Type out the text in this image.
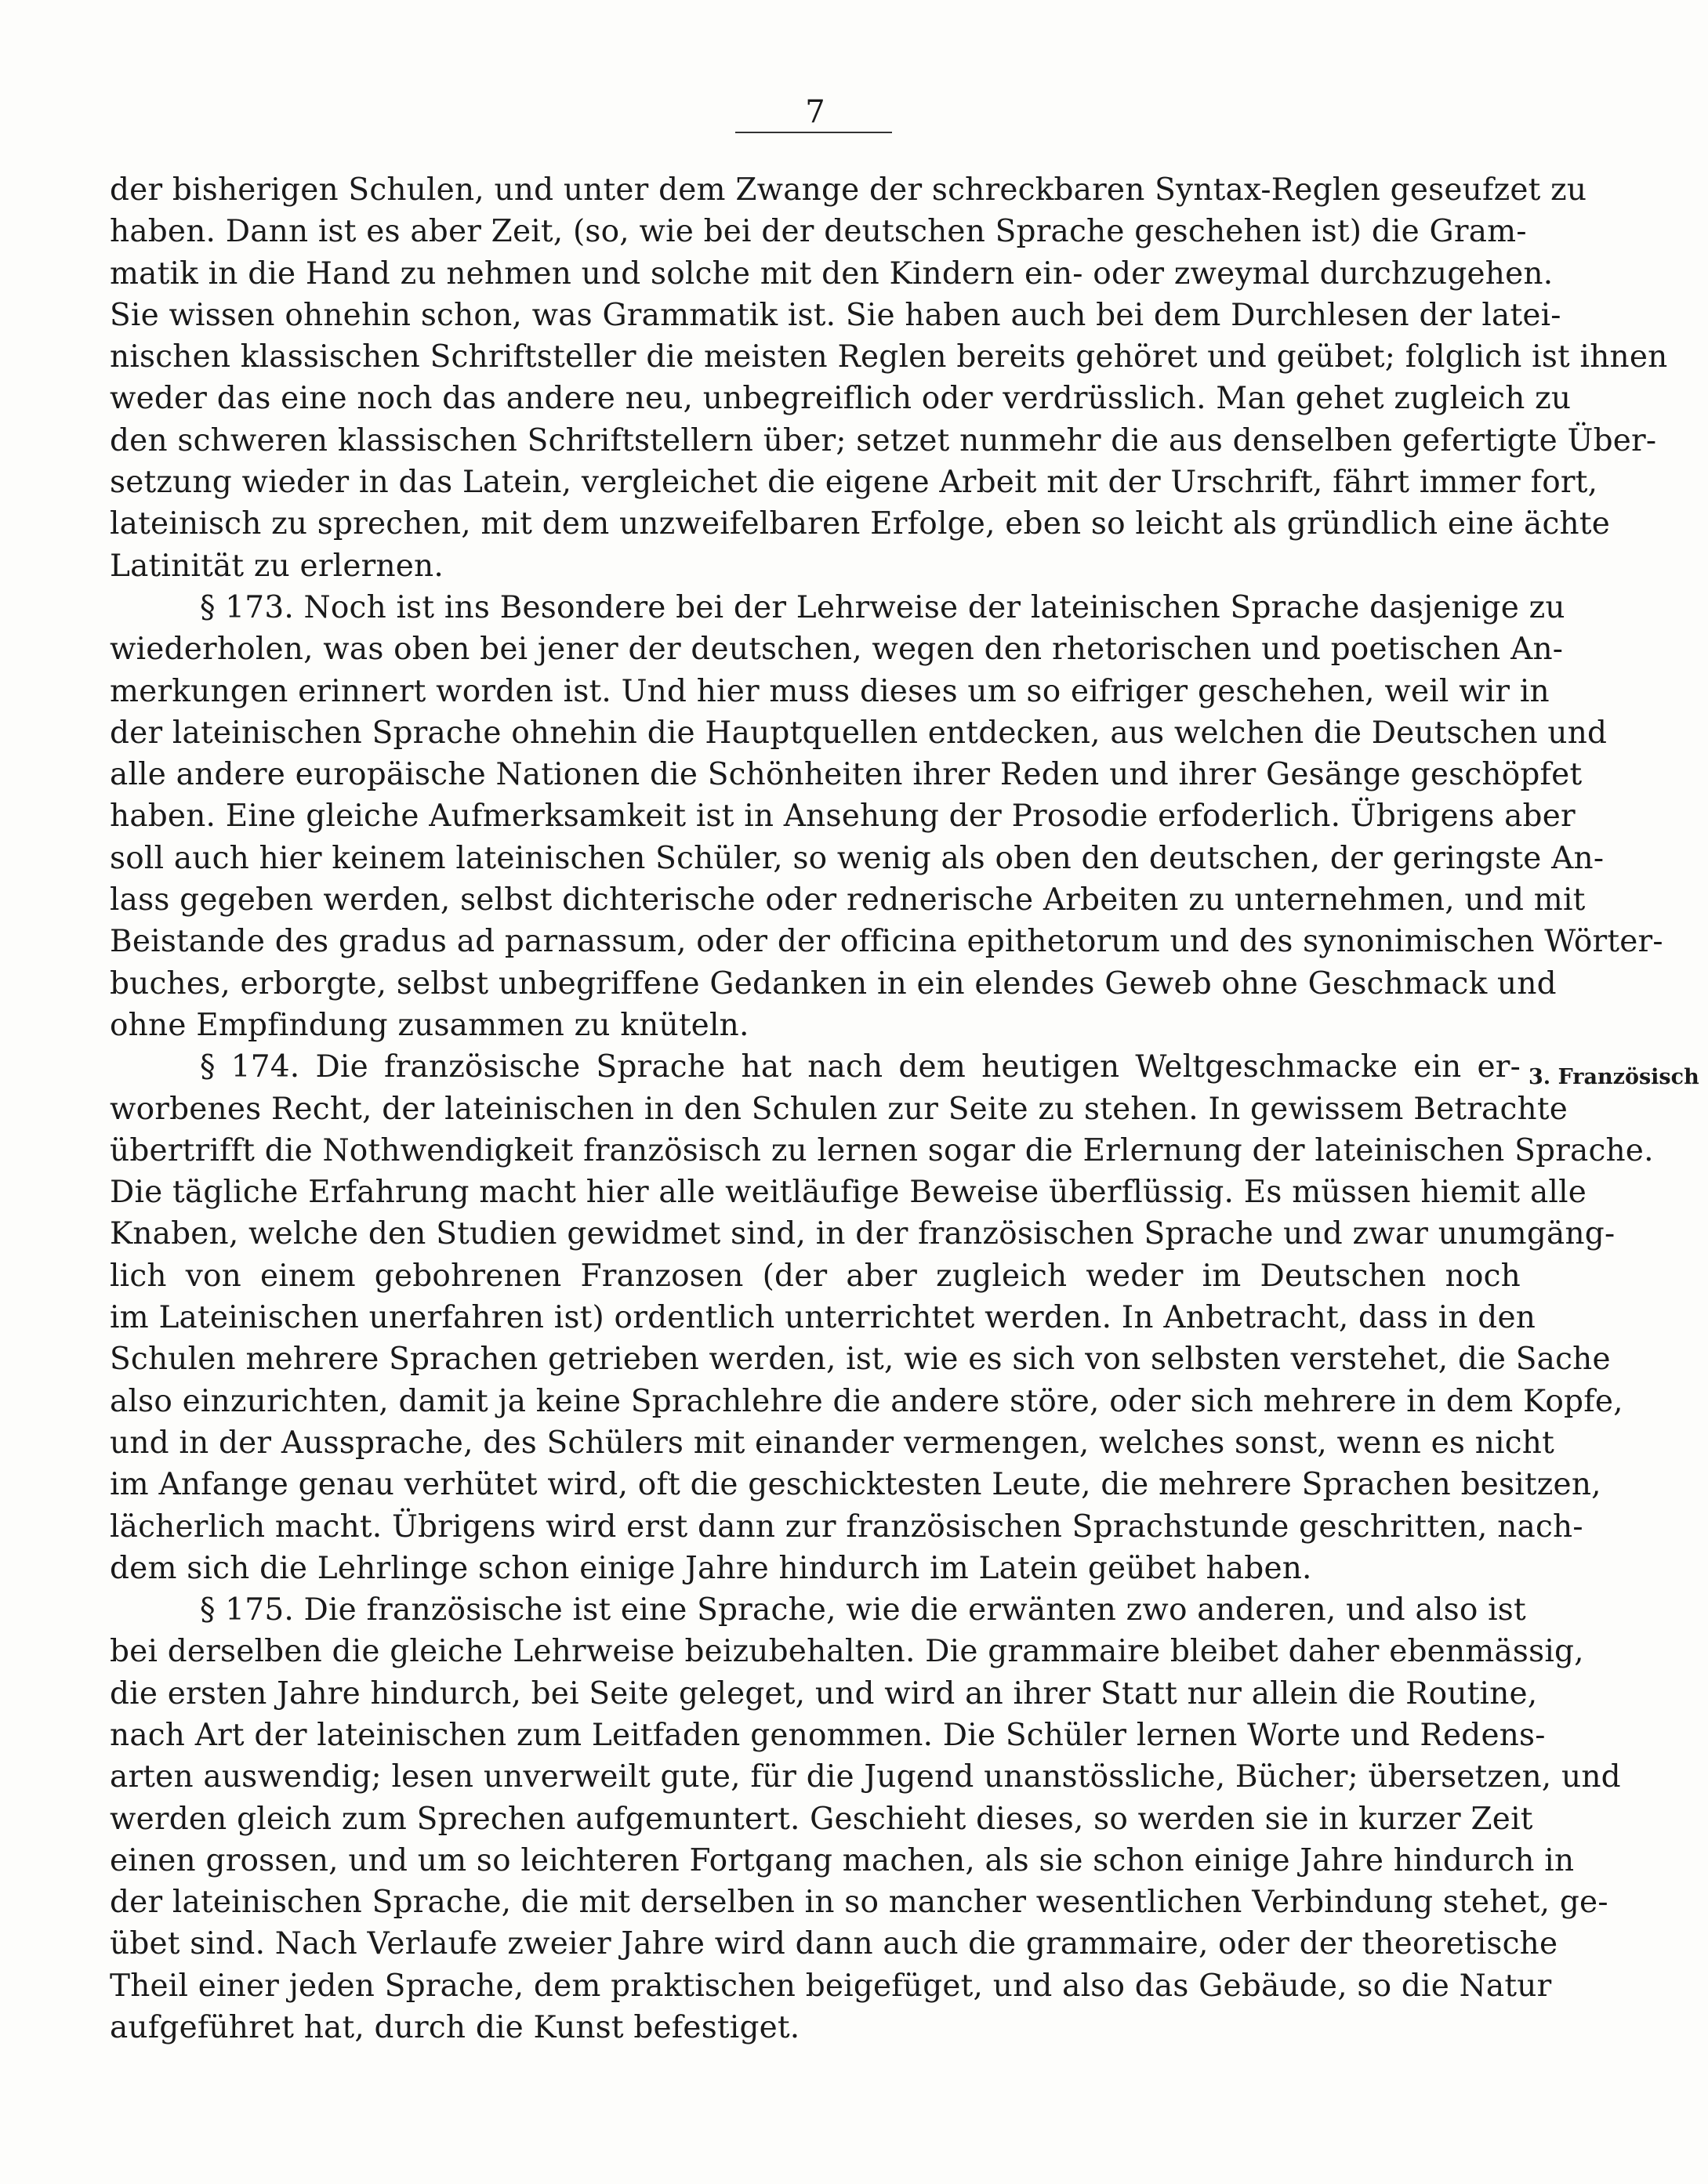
7
der bisherigen Schulen, und unter dem Zwange der schreckbaren Syntax-Reglen geseufzet zu
haben. Dann ist es aber Zeit, (so, wie bei der deutschen Sprache geschehen ist) die Gram-
matik in die Hand zu nehmen und solche mit den Kindern ein- oder zweymal durchzugehen.
Sie wissen ohnehin schon, was Grammatik ist. Sie haben auch bei dem Durchlesen der latei-
nischen klassischen Schriftsteller die meisten Reglen bereits gehöret und geübet; folglich ist ihnen
weder das eine noch das andere neu, unbegreiflich oder verdrüsslich. Man gehet zugleich zu
den schweren klassischen Schriftstellern über; setzet nunmehr die aus denselben gefertigte Über-
setzung wieder in das Latein, vergleichet die eigene Arbeit mit der Urschrift, fährt immer fort,
lateinisch zu sprechen, mit dem unzweifelbaren Erfolge, eben so leicht als gründlich eine ächte
Latinität zu erlernen.
§ 173. Noch ist ins Besondere bei der Lehrweise der lateinischen Sprache dasjenige zu
wiederholen, was oben bei jener der deutschen, wegen den rhetorischen und poetischen An-
merkungen erinnert worden ist. Und hier muss dieses um so eifriger geschehen, weil wir in
der lateinischen Sprache ohnehin die Hauptquellen entdecken, aus welchen die Deutschen und
alle andere europäische Nationen die Schönheiten ihrer Reden und ihrer Gesänge geschöpfet
haben. Eine gleiche Aufmerksamkeit ist in Ansehung der Prosodie erfoderlich. Übrigens aber
soll auch hier keinem lateinischen Schüler, so wenig als oben den deutschen, der geringste An-
lass gegeben werden, selbst dichterische oder rednerische Arbeiten zu unternehmen, und mit
Beistande des gradus ad parnassum, oder der officina epithetorum und des synonimischen Wörter-
buches, erborgte, selbst unbegriffene Gedanken in ein elendes Geweb ohne Geschmack und
ohne Empfindung zusammen zu knüteln.
§ 174. Die französische Sprache hat nach dem heutigen Weltgeschmacke ein er-
worbenes Recht, der lateinischen in den Schulen zur Seite zu stehen. In gewissem Betrachte
übertrifft die Nothwendigkeit französisch zu lernen sogar die Erlernung der lateinischen Sprache.
Die tägliche Erfahrung macht hier alle weitläufige Beweise überflüssig. Es müssen hiemit alle
Knaben, welche den Studien gewidmet sind, in der französischen Sprache und zwar unumgäng-
lich von einem gebohrenen Franzosen (der aber zugleich weder im Deutschen noch
im Lateinischen unerfahren ist) ordentlich unterrichtet werden. In Anbetracht, dass in den
Schulen mehrere Sprachen getrieben werden, ist, wie es sich von selbsten verstehet, die Sache
also einzurichten, damit ja keine Sprachlehre die andere störe, oder sich mehrere in dem Kopfe,
und in der Aussprache, des Schülers mit einander vermengen, welches sonst, wenn es nicht
im Anfange genau verhütet wird, oft die geschicktesten Leute, die mehrere Sprachen besitzen,
lächerlich macht. Übrigens wird erst dann zur französischen Sprachstunde geschritten, nach-
dem sich die Lehrlinge schon einige Jahre hindurch im Latein geübet haben.
§ 175. Die französische ist eine Sprache, wie die erwänten zwo anderen, und also ist
bei derselben die gleiche Lehrweise beizubehalten. Die grammaire bleibet daher ebenmässig,
die ersten Jahre hindurch, bei Seite geleget, und wird an ihrer Statt nur allein die Routine,
nach Art der lateinischen zum Leitfaden genommen. Die Schüler lernen Worte und Redens-
arten auswendig; lesen unverweilt gute, für die Jugend unanstössliche, Bücher; übersetzen, und
werden gleich zum Sprechen aufgemuntert. Geschieht dieses, so werden sie in kurzer Zeit
einen grossen, und um so leichteren Fortgang machen, als sie schon einige Jahre hindurch in
der lateinischen Sprache, die mit derselben in so mancher wesentlichen Verbindung stehet, ge-
übet sind. Nach Verlaufe zweier Jahre wird dann auch die grammaire, oder der theoretische
Theil einer jeden Sprache, dem praktischen beigefüget, und also das Gebäude, so die Natur
aufgeführet hat, durch die Kunst befestiget.
3. Französisch
